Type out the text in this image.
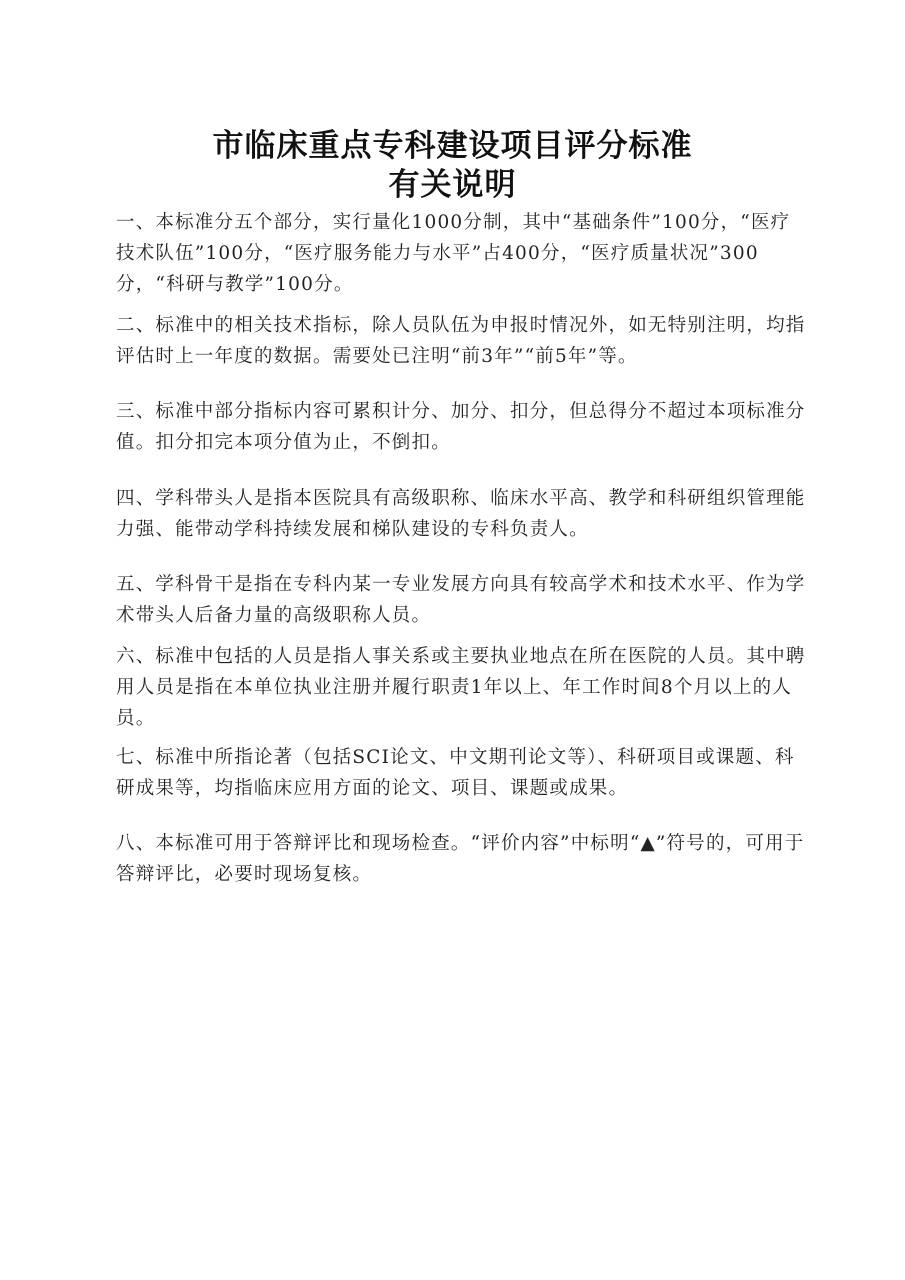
市临床重点专科建设项目评分标准
有关说明

一、本标准分五个部分，实行量化1000分制，其中“基础条件”100分，“医疗技术队伍”100分，“医疗服务能力与水平”占400分，“医疗质量状况”300分，“科研与教学”100分。

二、标准中的相关技术指标，除人员队伍为申报时情况外，如无特别注明，均指评估时上一年度的数据。需要处已注明“前3年”“前5年”等。

三、标准中部分指标内容可累积计分、加分、扣分，但总得分不超过本项标准分值。扣分扣完本项分值为止，不倒扣。

四、学科带头人是指本医院具有高级职称、临床水平高、教学和科研组织管理能力强、能带动学科持续发展和梯队建设的专科负责人。

五、学科骨干是指在专科内某一专业发展方向具有较高学术和技术水平、作为学术带头人后备力量的高级职称人员。

六、标准中包括的人员是指人事关系或主要执业地点在所在医院的人员。其中聘用人员是指在本单位执业注册并履行职责1年以上、年工作时间8个月以上的人员。

七、标准中所指论著（包括SCI论文、中文期刊论文等）、科研项目或课题、科研成果等，均指临床应用方面的论文、项目、课题或成果。

八、本标准可用于答辩评比和现场检查。“评价内容”中标明“▲”符号的，可用于答辩评比，必要时现场复核。
